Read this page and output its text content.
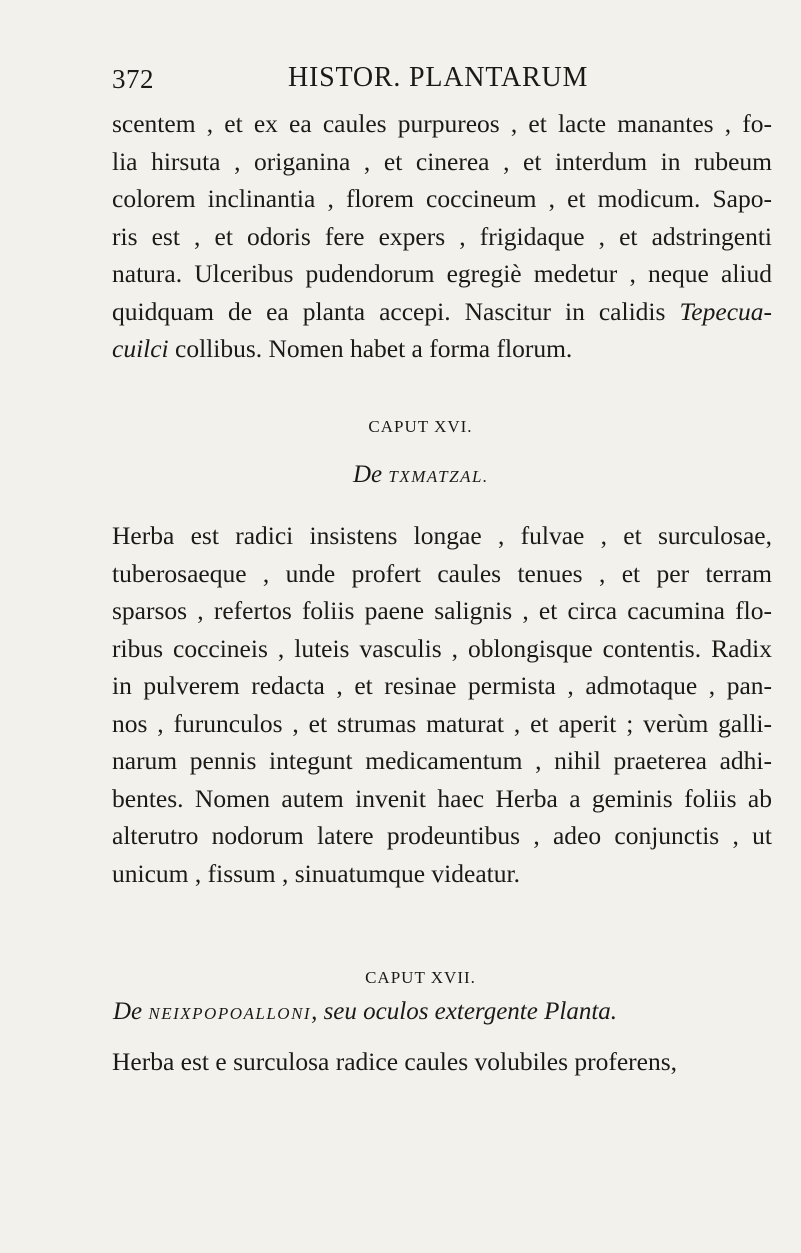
372	HISTOR. PLANTARUM
scentem , et ex ea caules purpureos , et lacte manantes , fo-
lia hirsuta , origanina , et cinerea , et interdum in rubeum
colorem inclinantia , florem coccineum , et modicum. Sapo-
ris est , et odoris fere expers , frigidaque , et adstringenti
natura. Ulceribus pudendorum egregiè medetur , neque aliud
quidquam de ea planta accepi. Nascitur in calidis Tepecua-
cuilci collibus. Nomen habet a forma florum.
CAPUT XVI.
De TXMATZAL.
Herba est radici insistens longae , fulvae , et surculosae,
tuberosaeque , unde profert caules tenues , et per terram
sparsos , refertos foliis paene salignis , et circa cacumina flo-
ribus coccineis , luteis vasculis , oblongisque contentis. Radix
in pulverem redacta , et resinae permista , admotaque , pan-
nos , furunculos , et strumas maturat , et aperit ; verùm galli-
narum pennis integunt medicamentum , nihil praeterea adhi-
bentes. Nomen autem invenit haec Herba a geminis foliis ab
alterutro nodorum latere prodeuntibus , adeo conjunctis , ut
unicum , fissum , sinuatumque videatur.
CAPUT XVII.
De NEIXPOPOALLONI, seu oculos extergente Planta.
Herba est e surculosa radice caules volubiles proferens,
